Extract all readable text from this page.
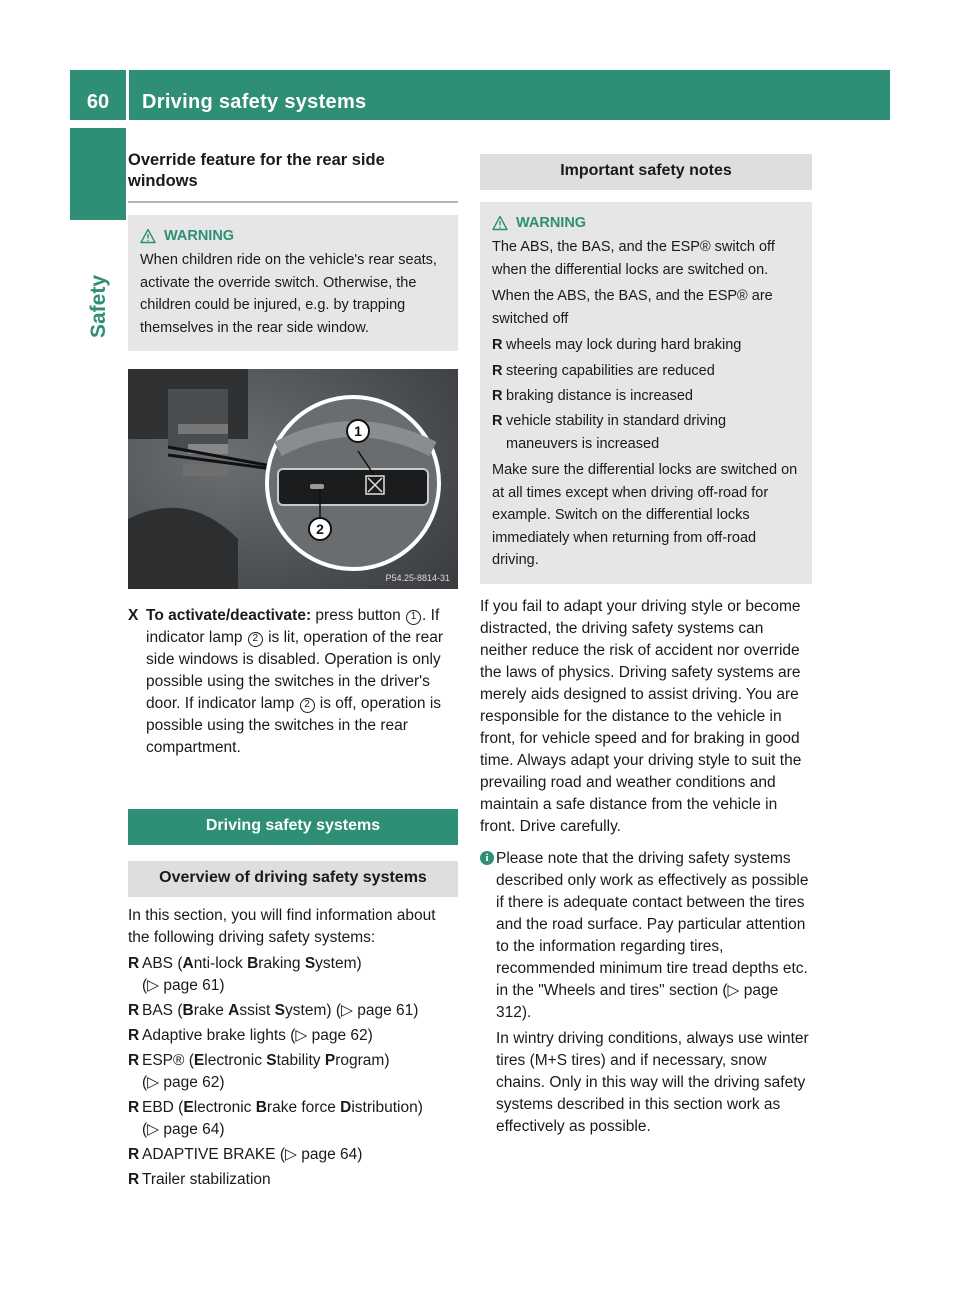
60	Driving safety systems
Safety
Override feature for the rear side windows
WARNING
When children ride on the vehicle's rear seats, activate the override switch. Otherwise, the children could be injured, e.g. by trapping themselves in the rear side window.
1
2
P54.25-8814-31
X To activate/deactivate: press button 1 . If indicator lamp 2 is lit, operation of the rear side windows is disabled. Operation is only possible using the switches in the driver's door. If indicator lamp 2 is off, operation is possible using the switches in the rear compartment.
Driving safety systems
Overview of driving safety systems
In this section, you will find information about the following driving safety systems:
R ABS (Anti-lock Braking System)
(▷ page 61)
R BAS (Brake Assist System) (▷ page 61)
R Adaptive brake lights (▷ page 62)
R ESP® (Electronic Stability Program)
(▷ page 62)
R EBD (Electronic Brake force Distribution)
(▷ page 64)
R ADAPTIVE BRAKE (▷ page 64)
R Trailer stabilization
Important safety notes
WARNING
The ABS, the BAS, and the ESP® switch off when the differential locks are switched on.
When the ABS, the BAS, and the ESP® are switched off
R wheels may lock during hard braking
R steering capabilities are reduced
R braking distance is increased
R vehicle stability in standard driving maneuvers is increased
Make sure the differential locks are switched on at all times except when driving off-road for example. Switch on the differential locks immediately when returning from off-road driving.
If you fail to adapt your driving style or become distracted, the driving safety systems can neither reduce the risk of accident nor override the laws of physics. Driving safety systems are merely aids designed to assist driving. You are responsible for the distance to the vehicle in front, for vehicle speed and for braking in good time. Always adapt your driving style to suit the prevailing road and weather conditions and maintain a safe distance from the vehicle in front. Drive carefully.
i Please note that the driving safety systems described only work as effectively as possible if there is adequate contact between the tires and the road surface. Pay particular attention to the information regarding tires, recommended minimum tire tread depths etc. in the "Wheels and tires" section (▷ page 312).
In wintry driving conditions, always use winter tires (M+S tires) and if necessary, snow chains. Only in this way will the driving safety systems described in this section work as effectively as possible.
